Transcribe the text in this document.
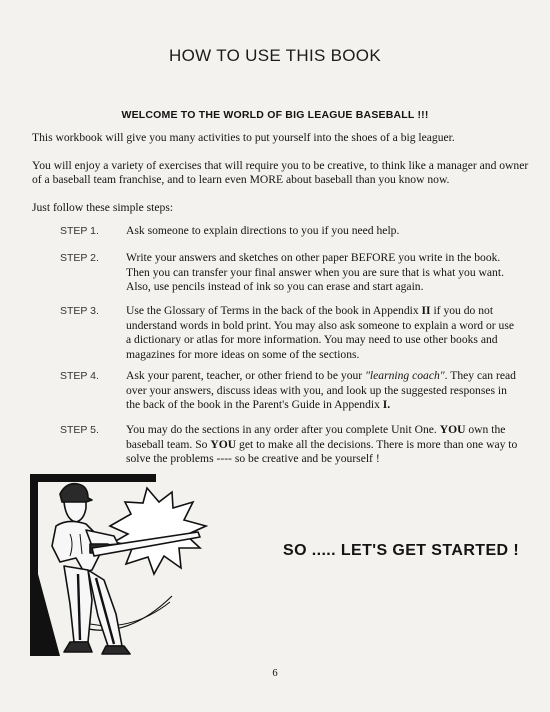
HOW TO USE THIS BOOK
WELCOME TO THE WORLD OF BIG LEAGUE BASEBALL !!!
This workbook will give you many activities to put yourself into the shoes of a big leaguer.
You will enjoy a variety of exercises that will require you to be creative, to think like a manager and owner of a baseball team franchise, and to learn even MORE about baseball than you know now.
Just follow these simple steps:
STEP 1. Ask someone to explain directions to you if you need help.
STEP 2. Write your answers and sketches on other paper BEFORE you write in the book. Then you can transfer your final answer when you are sure that is what you want. Also, use pencils instead of ink so you can erase and start again.
STEP 3. Use the Glossary of Terms in the back of the book in Appendix II if you do not understand words in bold print. You may also ask someone to explain a word or use a dictionary or atlas for more information. You may need to use other books and magazines for more ideas on some of the sections.
STEP 4. Ask your parent, teacher, or other friend to be your "learning coach". They can read over your answers, discuss ideas with you, and look up the suggested responses in the back of the book in the Parent's Guide in Appendix I.
STEP 5. You may do the sections in any order after you complete Unit One. YOU own the baseball team. So YOU get to make all the decisions. There is more than one way to solve the problems ---- so be creative and be yourself !
SO ..... LET'S GET STARTED !
6
